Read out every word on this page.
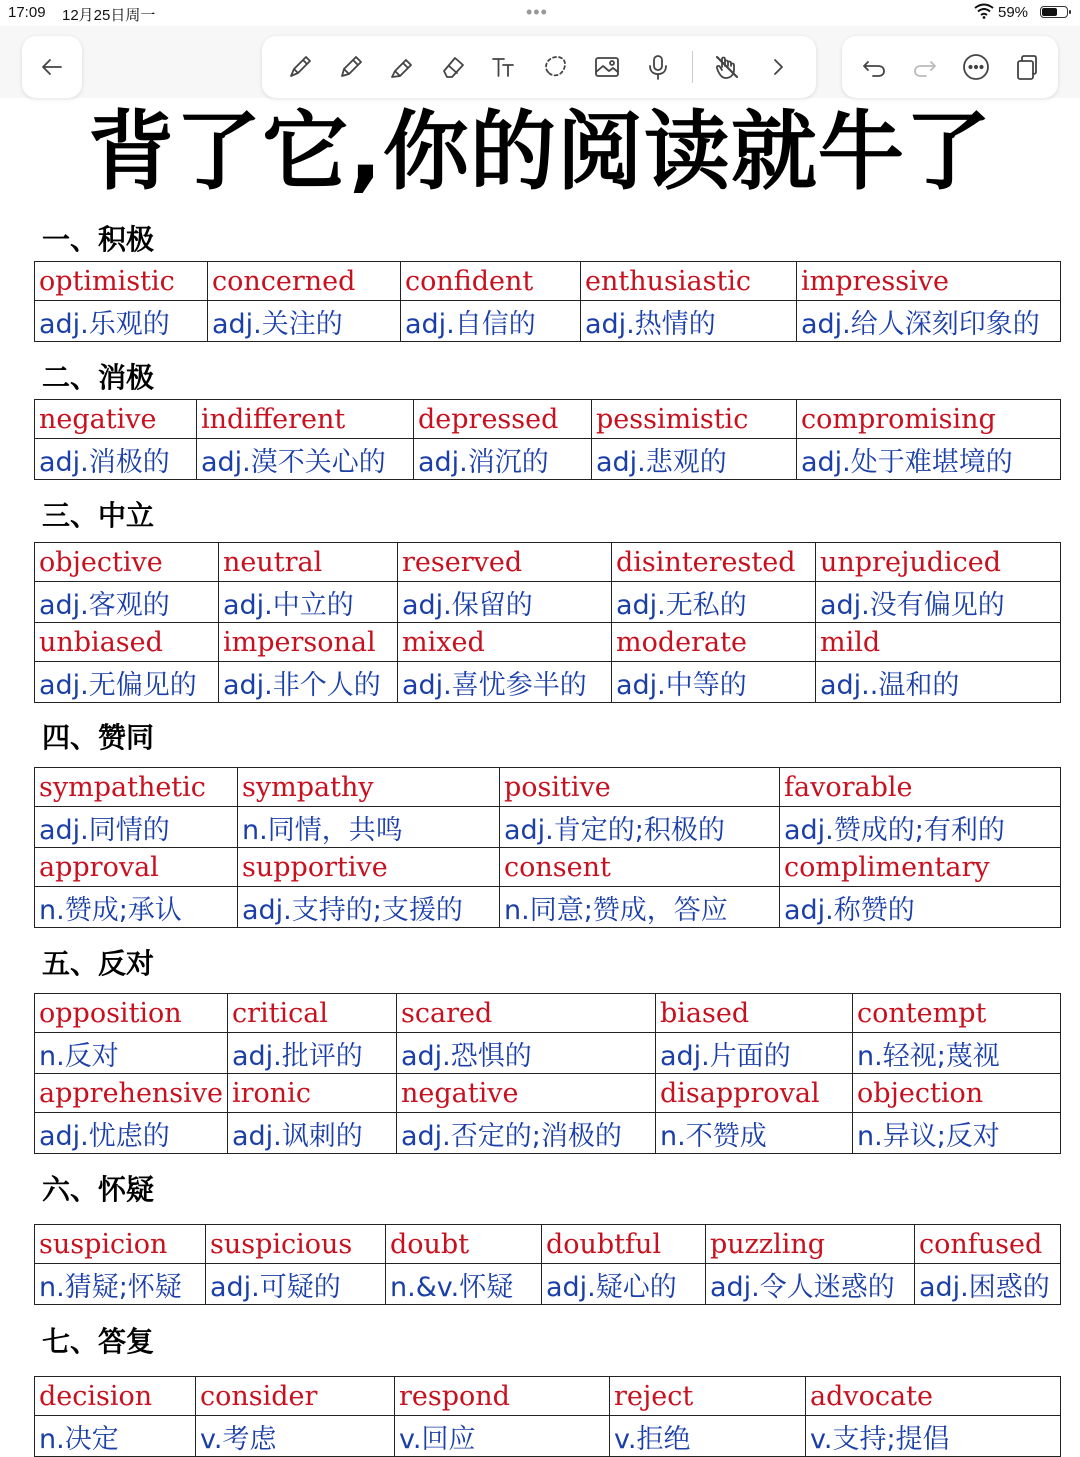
17:09 12月25日周一	•••	59%
背了它,你的阅读就牛了
一、积极
optimistic	concerned	confident	enthusiastic	impressive
adj.乐观的	adj.关注的	adj.自信的	adj.热情的	adj.给人深刻印象的
二、消极
negative	indifferent	depressed	pessimistic	compromising
adj.消极的	adj.漠不关心的	adj.消沉的	adj.悲观的	adj.处于难堪境的
三、中立
objective	neutral	reserved	disinterested	unprejudiced
adj.客观的	adj.中立的	adj.保留的	adj.无私的	adj.没有偏见的
unbiased	impersonal	mixed	moderate	mild
adj.无偏见的	adj.非个人的	adj.喜忧参半的	adj.中等的	adj..温和的
四、赞同
sympathetic	sympathy	positive	favorable
adj.同情的	n.同情，共鸣	adj.肯定的;积极的	adj.赞成的;有利的
approval	supportive	consent	complimentary
n.赞成;承认	adj.支持的;支援的	n.同意;赞成，答应	adj.称赞的
五、反对
opposition	critical	scared	biased	contempt
n.反对	adj.批评的	adj.恐惧的	adj.片面的	n.轻视;蔑视
apprehensive	ironic	negative	disapproval	objection
adj.忧虑的	adj.讽刺的	adj.否定的;消极的	n.不赞成	n.异议;反对
六、怀疑
suspicion	suspicious	doubt	doubtful	puzzling	confused
n.猜疑;怀疑	adj.可疑的	n.&v.怀疑	adj.疑心的	adj.令人迷惑的	adj.困惑的
七、答复
decision	consider	respond	reject	advocate
n.决定	v.考虑	v.回应	v.拒绝	v.支持;提倡
